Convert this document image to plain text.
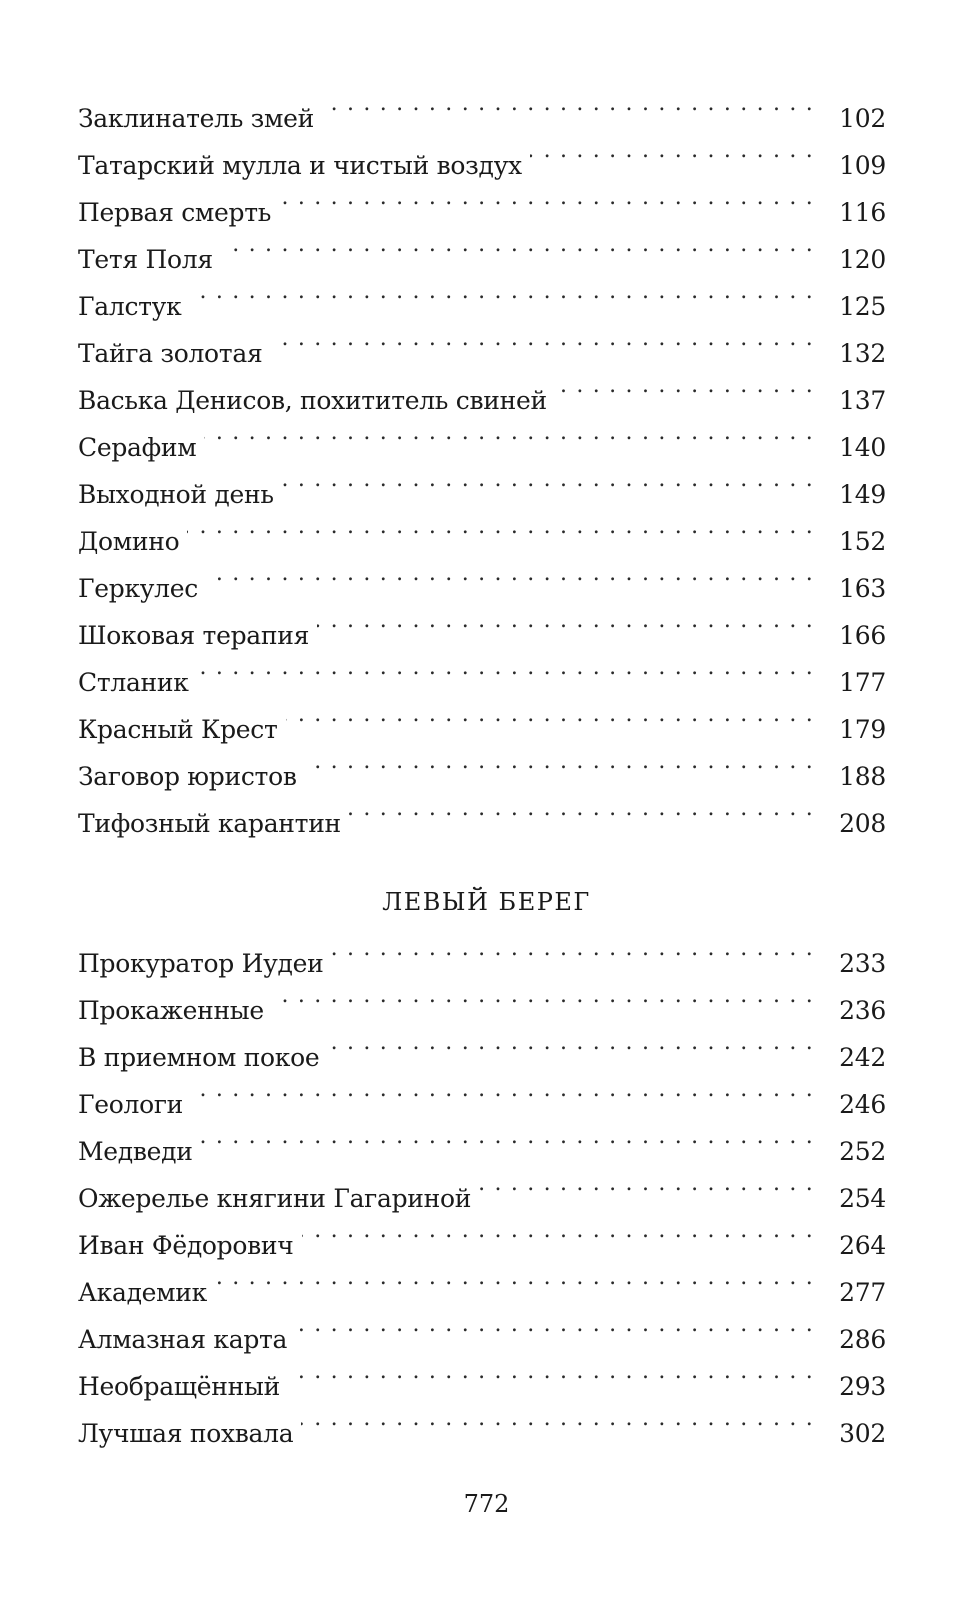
Заклинатель змей . . .	102
Татарский мулла и чистый воздух . . .	109
Первая смерть . . .	116
Тетя Поля . . .	120
Галстук . . .	125
Тайга золотая . . .	132
Васька Денисов, похититель свиней . . .	137
Серафим . . .	140
Выходной день . . .	149
Домино . . .	152
Геркулес . . .	163
Шоковая терапия . . .	166
Стланик . . .	177
Красный Крест . . .	179
Заговор юристов . . .	188
Тифозный карантин . . .	208
ЛЕВЫЙ БЕРЕГ
Прокуратор Иудеи . . .	233
Прокаженные . . .	236
В приемном покое . . .	242
Геологи . . .	246
Медведи . . .	252
Ожерелье княгини Гагариной . . .	254
Иван Фёдорович . . .	264
Академик . . .	277
Алмазная карта . . .	286
Необращённый . . .	293
Лучшая похвала . . .	302
772
